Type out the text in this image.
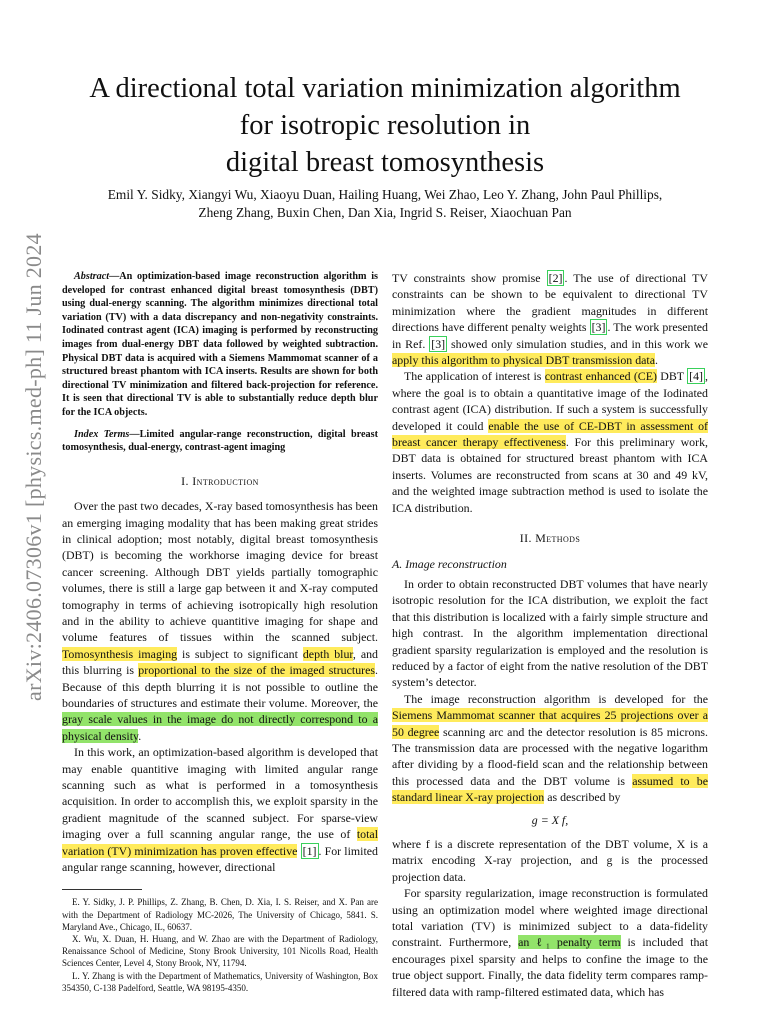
arXiv:2406.07306v1 [physics.med-ph] 11 Jun 2024
A directional total variation minimization algorithm
for isotropic resolution in
digital breast tomosynthesis
Emil Y. Sidky, Xiangyi Wu, Xiaoyu Duan, Hailing Huang, Wei Zhao, Leo Y. Zhang, John Paul Phillips,
Zheng Zhang, Buxin Chen, Dan Xia, Ingrid S. Reiser, Xiaochuan Pan

Abstract—An optimization-based image reconstruction algorithm is developed for contrast enhanced digital breast tomosynthesis (DBT) using dual-energy scanning. The algorithm minimizes directional total variation (TV) with a data discrepancy and non-negativity constraints. Iodinated contrast agent (ICA) imaging is performed by reconstructing images from dual-energy DBT data followed by weighted subtraction. Physical DBT data is acquired with a Siemens Mammomat scanner of a structured breast phantom with ICA inserts. Results are shown for both directional TV minimization and filtered back-projection for reference. It is seen that directional TV is able to substantially reduce depth blur for the ICA objects.

Index Terms—Limited angular-range reconstruction, digital breast tomosynthesis, dual-energy, contrast-agent imaging

I. Introduction

Over the past two decades, X-ray based tomosynthesis has been an emerging imaging modality that has been making great strides in clinical adoption; most notably, digital breast tomosynthesis (DBT) is becoming the workhorse imaging device for breast cancer screening. Although DBT yields partially tomographic volumes, there is still a large gap between it and X-ray computed tomography in terms of achieving isotropically high resolution and in the ability to achieve quantitive imaging for shape and volume features of tissues within the scanned subject. Tomosynthesis imaging is subject to significant depth blur, and this blurring is proportional to the size of the imaged structures. Because of this depth blurring it is not possible to outline the boundaries of structures and estimate their volume. Moreover, the gray scale values in the image do not directly correspond to a physical density.

In this work, an optimization-based algorithm is developed that may enable quantitive imaging with limited angular range scanning such as what is performed in a tomosynthesis acquisition. In order to accomplish this, we exploit sparsity in the gradient magnitude of the scanned subject. For sparse-view imaging over a full scanning angular range, the use of total variation (TV) minimization has proven effective [1] . For limited angular range scanning, however, directional

E. Y. Sidky, J. P. Phillips, Z. Zhang, B. Chen, D. Xia, I. S. Reiser, and X. Pan are with the Department of Radiology MC-2026, The University of Chicago, 5841. S. Maryland Ave., Chicago, IL, 60637.

X. Wu, X. Duan, H. Huang, and W. Zhao are with the Department of Radiology, Renaissance School of Medicine, Stony Brook University, 101 Nicolls Road, Health Sciences Center, Level 4, Stony Brook, NY, 11794.

L. Y. Zhang is with the Department of Mathematics, University of Washington, Box 354350, C-138 Padelford, Seattle, WA 98195-4350.

TV constraints show promise [2] . The use of directional TV constraints can be shown to be equivalent to directional TV minimization where the gradient magnitudes in different directions have different penalty weights [3] . The work presented in Ref. [3] showed only simulation studies, and in this work we apply this algorithm to physical DBT transmission data.

The application of interest is contrast enhanced (CE) DBT [4] , where the goal is to obtain a quantitative image of the Iodinated contrast agent (ICA) distribution. If such a system is successfully developed it could enable the use of CE-DBT in assessment of breast cancer therapy effectiveness. For this preliminary work, DBT data is obtained for structured breast phantom with ICA inserts. Volumes are reconstructed from scans at 30 and 49 kV, and the weighted image subtraction method is used to isolate the ICA distribution.

II. Methods
A. Image reconstruction

In order to obtain reconstructed DBT volumes that have nearly isotropic resolution for the ICA distribution, we exploit the fact that this distribution is localized with a fairly simple structure and high contrast. In the algorithm implementation directional gradient sparsity regularization is employed and the resolution is reduced by a factor of eight from the native resolution of the DBT system’s detector.

The image reconstruction algorithm is developed for the Siemens Mammomat scanner that acquires 25 projections over a 50 degree scanning arc and the detector resolution is 85 microns. The transmission data are processed with the negative logarithm after dividing by a flood-field scan and the relationship between this processed data and the DBT volume is assumed to be standard linear X-ray projection as described by

g = X f,

where f is a discrete representation of the DBT volume, X is a matrix encoding X-ray projection, and g is the processed projection data.

For sparsity regularization, image reconstruction is formulated using an optimization model where weighted image directional total variation (TV) is minimized subject to a data-fidelity constraint. Furthermore, an ℓ₁ penalty term is included that encourages pixel sparsity and helps to confine the image to the true object support. Finally, the data fidelity term compares ramp-filtered data with ramp-filtered estimated data, which has
